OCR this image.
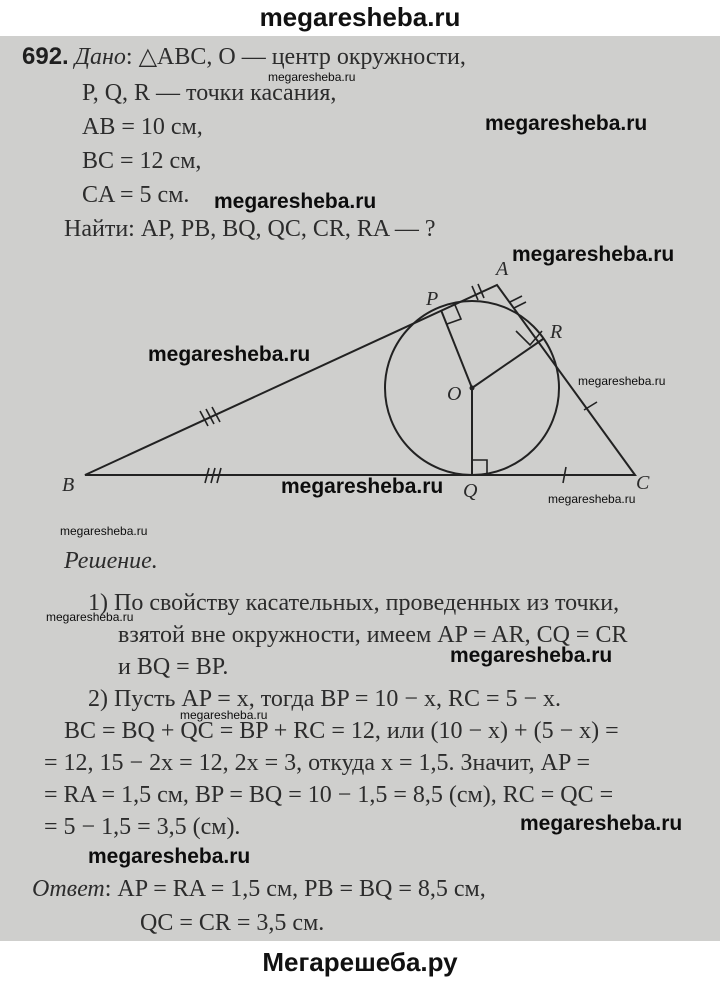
megaresheba.ru
692. Дано: △ABC, O — центр окружности,
P, Q, R — точки касания,
AB = 10 см,
BC = 12 см,
CA = 5 см.
Найти: AP, PB, BQ, QC, CR, RA — ?
A
P
R
O
B	Q	C
Решение.
1) По свойству касательных, проведенных из точки,
взятой вне окружности, имеем AP = AR, CQ = CR
и BQ = BP.
2) Пусть AP = x, тогда BP = 10 − x, RC = 5 − x.
BC = BQ + QC = BP + RC = 12, или (10 − x) + (5 − x) =
= 12, 15 − 2x = 12, 2x = 3, откуда x = 1,5. Значит, AP =
= RA = 1,5 см, BP = BQ = 10 − 1,5 = 8,5 (см), RC = QC =
= 5 − 1,5 = 3,5 (см).
Ответ: AP = RA = 1,5 см, PB = BQ = 8,5 см,
QC = CR = 3,5 см.
megaresheba.ru
megaresheba.ru
megaresheba.ru
megaresheba.ru
megaresheba.ru
megaresheba.ru
megaresheba.ru
megaresheba.ru
megaresheba.ru
megaresheba.ru
megaresheba.ru
megaresheba.ru
megaresheba.ru
megaresheba.ru
Мегарешеба.ру
